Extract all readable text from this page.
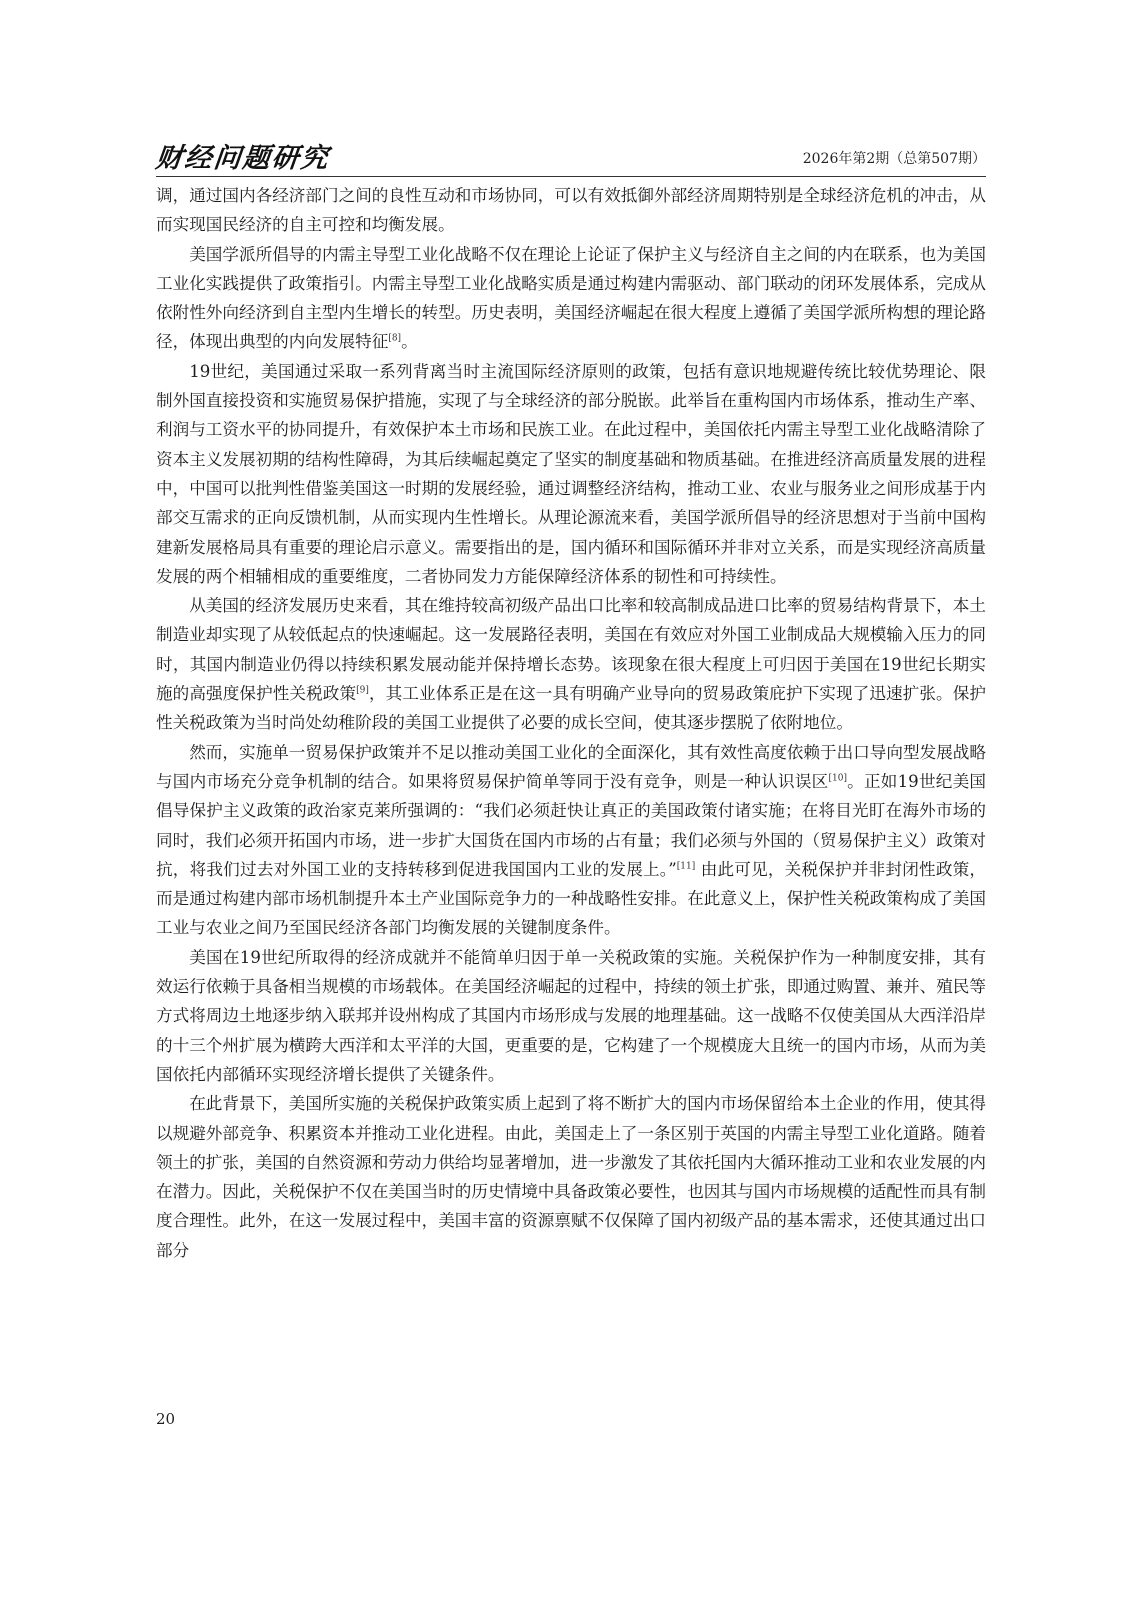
财经问题研究	2026年第2期（总第507期）

调，通过国内各经济部门之间的良性互动和市场协同，可以有效抵御外部经济周期特别是全球经济危机的冲击，从而实现国民经济的自主可控和均衡发展。

美国学派所倡导的内需主导型工业化战略不仅在理论上论证了保护主义与经济自主之间的内在联系，也为美国工业化实践提供了政策指引。内需主导型工业化战略实质是通过构建内需驱动、部门联动的闭环发展体系，完成从依附性外向经济到自主型内生增长的转型。历史表明，美国经济崛起在很大程度上遵循了美国学派所构想的理论路径，体现出典型的内向发展特征[8]。

19世纪，美国通过采取一系列背离当时主流国际经济原则的政策，包括有意识地规避传统比较优势理论、限制外国直接投资和实施贸易保护措施，实现了与全球经济的部分脱嵌。此举旨在重构国内市场体系，推动生产率、利润与工资水平的协同提升，有效保护本土市场和民族工业。在此过程中，美国依托内需主导型工业化战略清除了资本主义发展初期的结构性障碍，为其后续崛起奠定了坚实的制度基础和物质基础。在推进经济高质量发展的进程中，中国可以批判性借鉴美国这一时期的发展经验，通过调整经济结构，推动工业、农业与服务业之间形成基于内部交互需求的正向反馈机制，从而实现内生性增长。从理论源流来看，美国学派所倡导的经济思想对于当前中国构建新发展格局具有重要的理论启示意义。需要指出的是，国内循环和国际循环并非对立关系，而是实现经济高质量发展的两个相辅相成的重要维度，二者协同发力方能保障经济体系的韧性和可持续性。

从美国的经济发展历史来看，其在维持较高初级产品出口比率和较高制成品进口比率的贸易结构背景下，本土制造业却实现了从较低起点的快速崛起。这一发展路径表明，美国在有效应对外国工业制成品大规模输入压力的同时，其国内制造业仍得以持续积累发展动能并保持增长态势。该现象在很大程度上可归因于美国在19世纪长期实施的高强度保护性关税政策[9]，其工业体系正是在这一具有明确产业导向的贸易政策庇护下实现了迅速扩张。保护性关税政策为当时尚处幼稚阶段的美国工业提供了必要的成长空间，使其逐步摆脱了依附地位。

然而，实施单一贸易保护政策并不足以推动美国工业化的全面深化，其有效性高度依赖于出口导向型发展战略与国内市场充分竞争机制的结合。如果将贸易保护简单等同于没有竞争，则是一种认识误区[10]。正如19世纪美国倡导保护主义政策的政治家克莱所强调的：“我们必须赶快让真正的美国政策付诸实施；在将目光盯在海外市场的同时，我们必须开拓国内市场，进一步扩大国货在国内市场的占有量；我们必须与外国的（贸易保护主义）政策对抗，将我们过去对外国工业的支持转移到促进我国国内工业的发展上。”[11] 由此可见，关税保护并非封闭性政策，而是通过构建内部市场机制提升本土产业国际竞争力的一种战略性安排。在此意义上，保护性关税政策构成了美国工业与农业之间乃至国民经济各部门均衡发展的关键制度条件。

美国在19世纪所取得的经济成就并不能简单归因于单一关税政策的实施。关税保护作为一种制度安排，其有效运行依赖于具备相当规模的市场载体。在美国经济崛起的过程中，持续的领土扩张，即通过购置、兼并、殖民等方式将周边土地逐步纳入联邦并设州构成了其国内市场形成与发展的地理基础。这一战略不仅使美国从大西洋沿岸的十三个州扩展为横跨大西洋和太平洋的大国，更重要的是，它构建了一个规模庞大且统一的国内市场，从而为美国依托内部循环实现经济增长提供了关键条件。

在此背景下，美国所实施的关税保护政策实质上起到了将不断扩大的国内市场保留给本土企业的作用，使其得以规避外部竞争、积累资本并推动工业化进程。由此，美国走上了一条区别于英国的内需主导型工业化道路。随着领土的扩张，美国的自然资源和劳动力供给均显著增加，进一步激发了其依托国内大循环推动工业和农业发展的内在潜力。因此，关税保护不仅在美国当时的历史情境中具备政策必要性，也因其与国内市场规模的适配性而具有制度合理性。此外，在这一发展过程中，美国丰富的资源禀赋不仅保障了国内初级产品的基本需求，还使其通过出口部分

20
